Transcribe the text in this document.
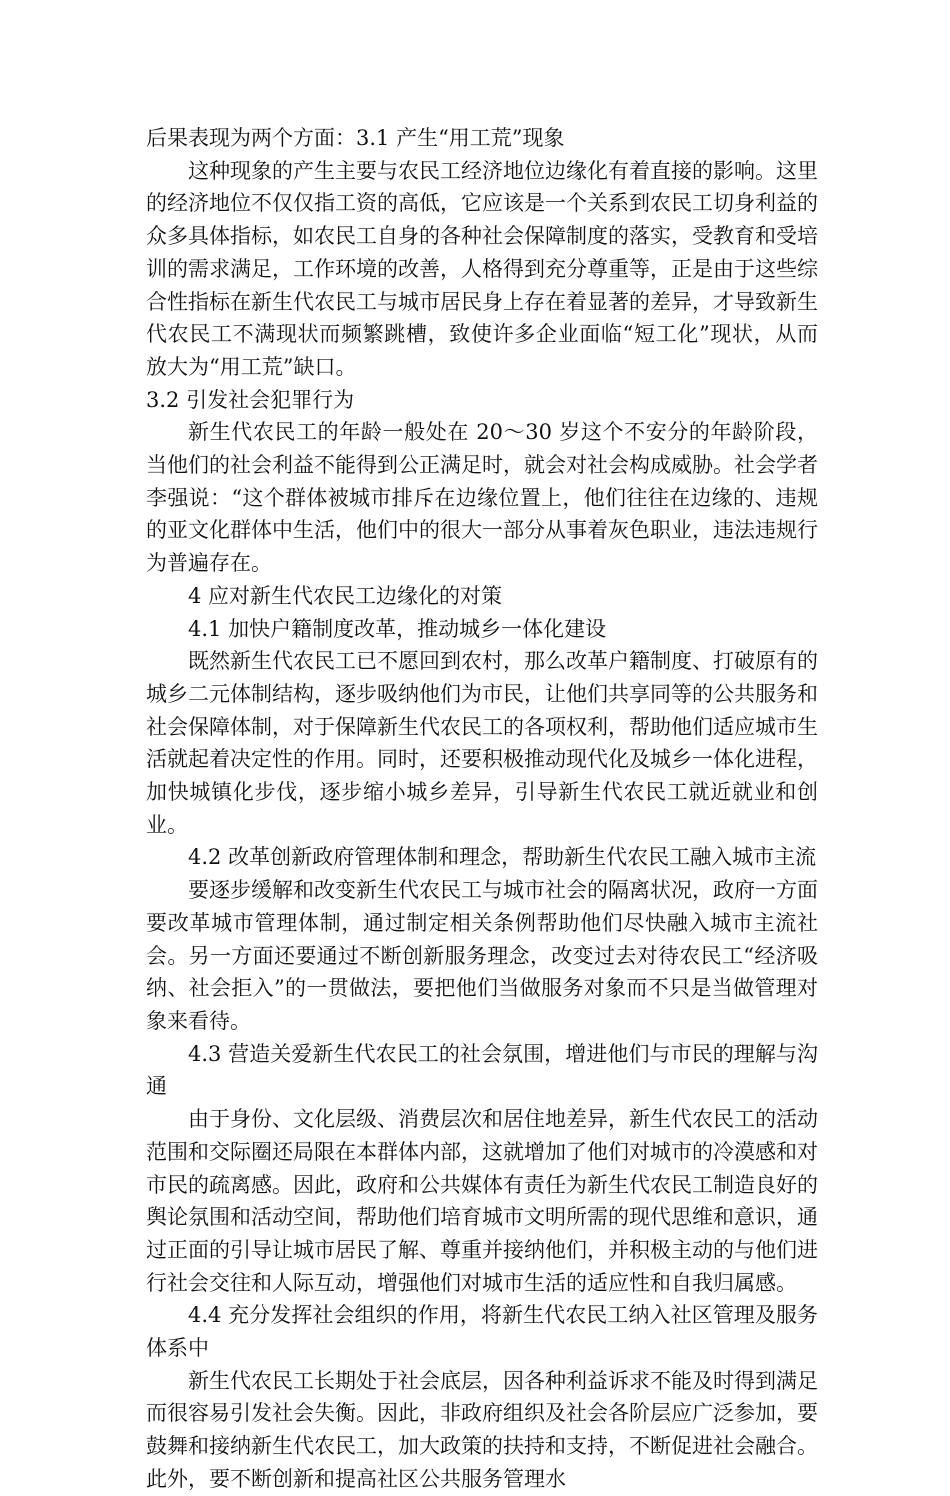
后果表现为两个方面：3.1 产生“用工荒”现象

这种现象的产生主要与农民工经济地位边缘化有着直接的影响。这里的经济地位不仅仅指工资的高低，它应该是一个关系到农民工切身利益的众多具体指标，如农民工自身的各种社会保障制度的落实，受教育和受培训的需求满足，工作环境的改善，人格得到充分尊重等，正是由于这些综合性指标在新生代农民工与城市居民身上存在着显著的差异，才导致新生代农民工不满现状而频繁跳槽，致使许多企业面临“短工化”现状，从而放大为“用工荒”缺口。

3.2 引发社会犯罪行为

新生代农民工的年龄一般处在 20～30 岁这个不安分的年龄阶段，当他们的社会利益不能得到公正满足时，就会对社会构成威胁。社会学者李强说：“这个群体被城市排斥在边缘位置上，他们往往在边缘的、违规的亚文化群体中生活，他们中的很大一部分从事着灰色职业，违法违规行为普遍存在。

4 应对新生代农民工边缘化的对策

4.1 加快户籍制度改革，推动城乡一体化建设

既然新生代农民工已不愿回到农村，那么改革户籍制度、打破原有的城乡二元体制结构，逐步吸纳他们为市民，让他们共享同等的公共服务和社会保障体制，对于保障新生代农民工的各项权利，帮助他们适应城市生活就起着决定性的作用。同时，还要积极推动现代化及城乡一体化进程，加快城镇化步伐，逐步缩小城乡差异，引导新生代农民工就近就业和创业。

4.2 改革创新政府管理体制和理念，帮助新生代农民工融入城市主流

要逐步缓解和改变新生代农民工与城市社会的隔离状况，政府一方面要改革城市管理体制，通过制定相关条例帮助他们尽快融入城市主流社会。另一方面还要通过不断创新服务理念，改变过去对待农民工“经济吸纳、社会拒入”的一贯做法，要把他们当做服务对象而不只是当做管理对象来看待。

4.3 营造关爱新生代农民工的社会氛围，增进他们与市民的理解与沟通

由于身份、文化层级、消费层次和居住地差异，新生代农民工的活动范围和交际圈还局限在本群体内部，这就增加了他们对城市的冷漠感和对市民的疏离感。因此，政府和公共媒体有责任为新生代农民工制造良好的舆论氛围和活动空间，帮助他们培育城市文明所需的现代思维和意识，通过正面的引导让城市居民了解、尊重并接纳他们，并积极主动的与他们进行社会交往和人际互动，增强他们对城市生活的适应性和自我归属感。

4.4 充分发挥社会组织的作用，将新生代农民工纳入社区管理及服务体系中

新生代农民工长期处于社会底层，因各种利益诉求不能及时得到满足而很容易引发社会失衡。因此，非政府组织及社会各阶层应广泛参加，要鼓舞和接纳新生代农民工，加大政策的扶持和支持，不断促进社会融合。此外，要不断创新和提高社区公共服务管理水
